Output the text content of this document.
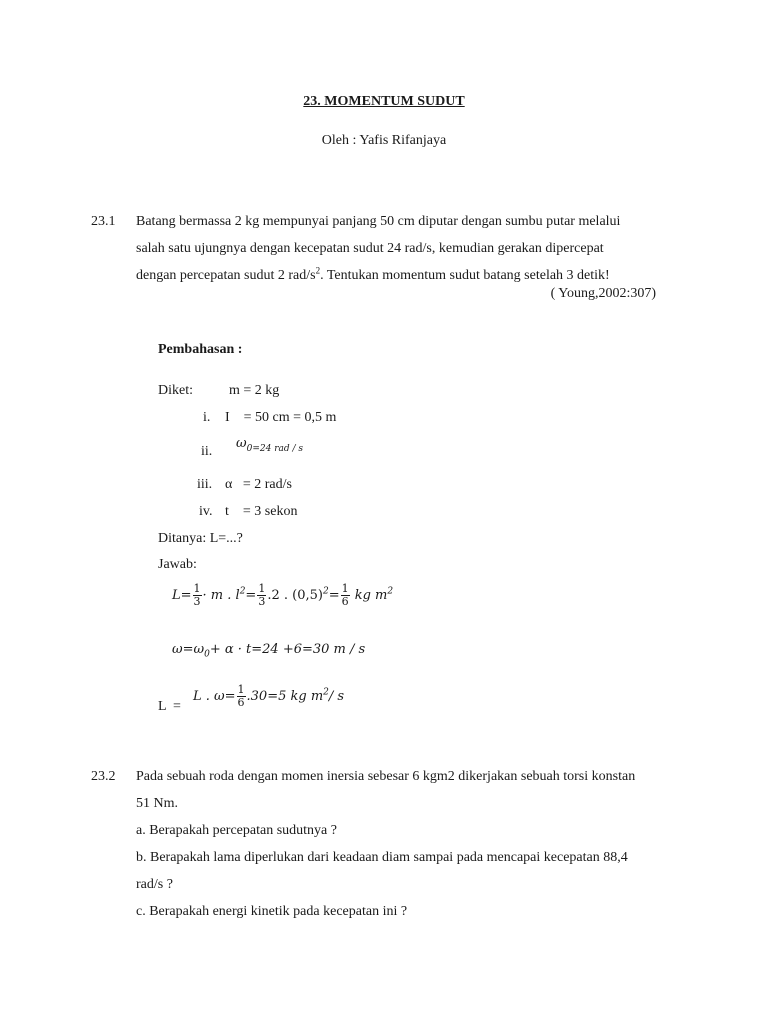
23. MOMENTUM SUDUT
Oleh : Yafis Rifanjaya
23.1 Batang bermassa 2 kg mempunyai panjang 50 cm diputar dengan sumbu putar melalui
salah satu ujungnya dengan kecepatan sudut 24 rad/s, kemudian gerakan dipercepat
dengan percepatan sudut 2 rad/$s^2$. Tentukan momentum sudut batang setelah 3 detik!
( Young,2002:307)
Pembahasan :
Diket:	m = 2 kg
i. I    = 50 cm = 0,5 m
ii.
$\omega_{0=24 rad / s}$
iii. α   = 2 rad/s
iv. t    = 3 sekon
Ditanya: L=...?
Jawab:
$L= \frac{1}{3} \cdot m$ . $l^2= \frac{1}{3} .2$ . $(0,5)^2= \frac{1}{6}$ kg $m^2$
$\omega=\omega_0+ \alpha \cdot t=24 +6=30$ m / s
L  =
L . $\omega= \frac{1}{6} .30=5$ kg $m^2/$ s
23.2 Pada sebuah roda dengan momen inersia sebesar 6 kgm2 dikerjakan sebuah torsi konstan
51 Nm.
a. Berapakah percepatan sudutnya ?
b. Berapakah lama diperlukan dari keadaan diam sampai pada mencapai kecepatan 88,4
rad/s ?
c. Berapakah energi kinetik pada kecepatan ini ?
